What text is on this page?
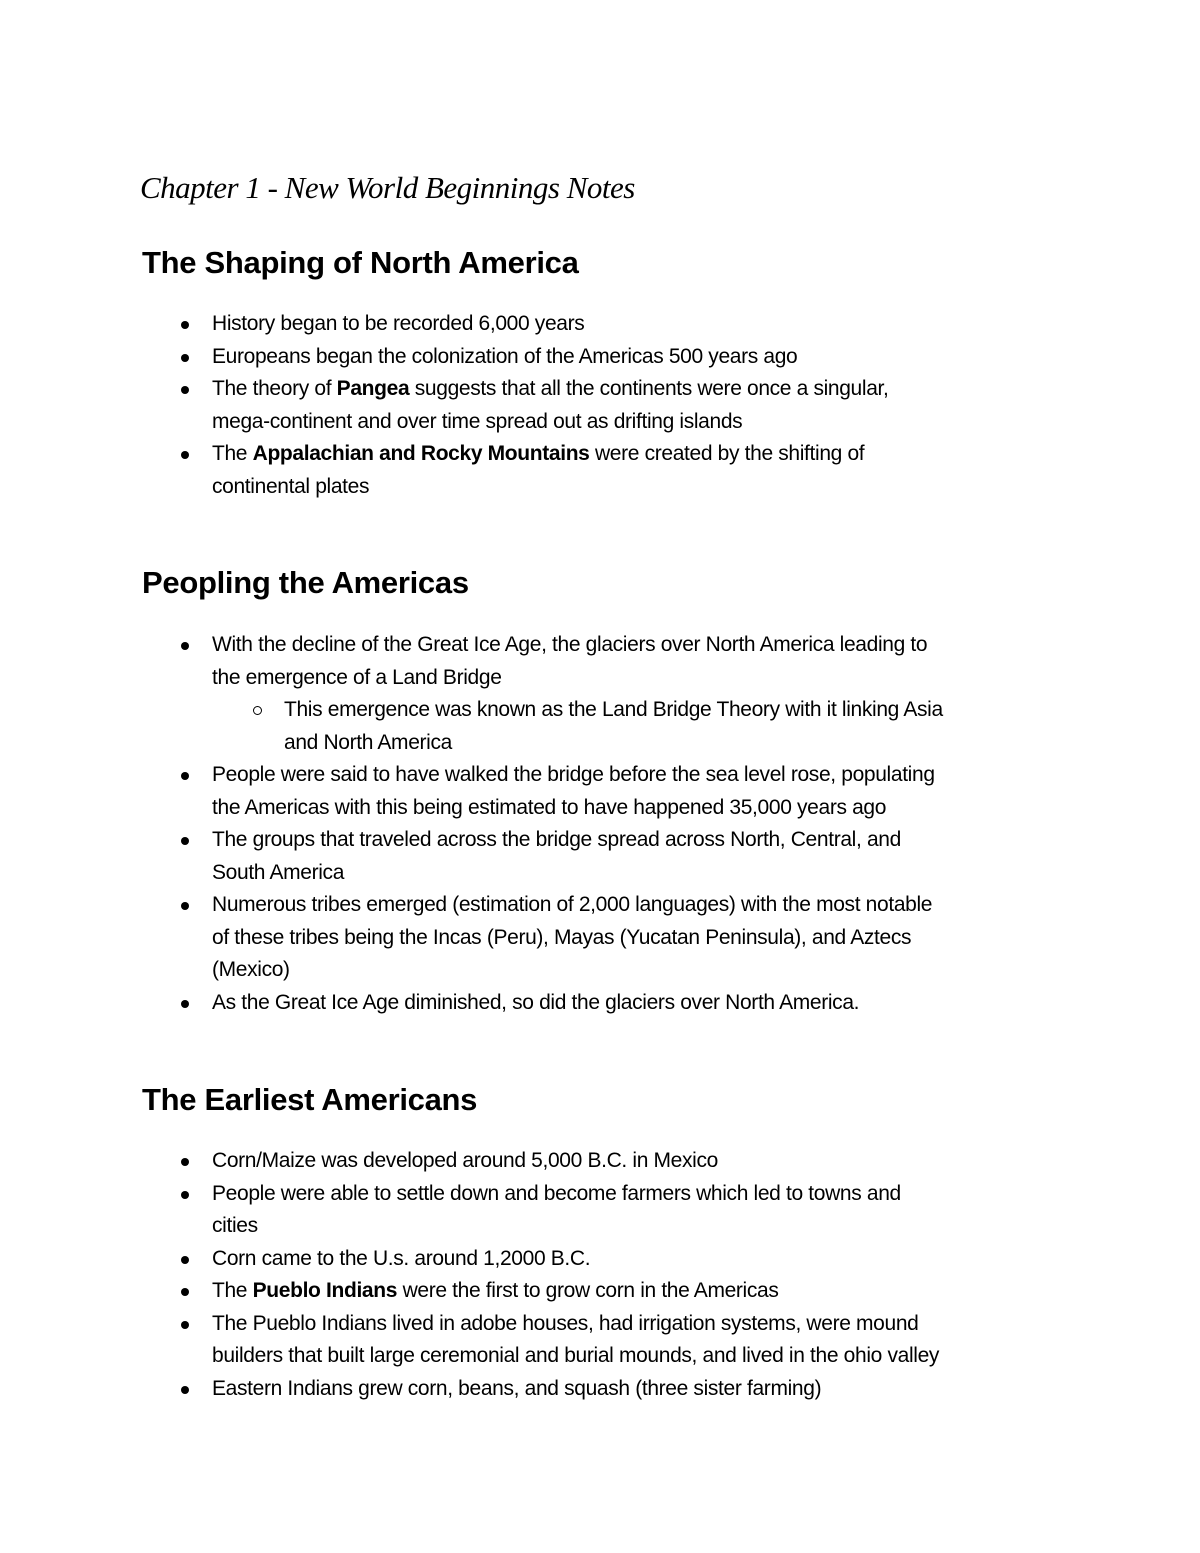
Chapter 1 - New World Beginnings Notes
The Shaping of North America
History began to be recorded 6,000 years
Europeans began the colonization of the Americas 500 years ago
The theory of Pangea suggests that all the continents were once a singular,
mega-continent and over time spread out as drifting islands
The Appalachian and Rocky Mountains were created by the shifting of
continental plates
Peopling the Americas
With the decline of the Great Ice Age, the glaciers over North America leading to
the emergence of a Land Bridge
This emergence was known as the Land Bridge Theory with it linking Asia
and North America
People were said to have walked the bridge before the sea level rose, populating
the Americas with this being estimated to have happened 35,000 years ago
The groups that traveled across the bridge spread across North, Central, and
South America
Numerous tribes emerged (estimation of 2,000 languages) with the most notable
of these tribes being the Incas (Peru), Mayas (Yucatan Peninsula), and Aztecs
(Mexico)
As the Great Ice Age diminished, so did the glaciers over North America.
The Earliest Americans
Corn/Maize was developed around 5,000 B.C. in Mexico
People were able to settle down and become farmers which led to towns and
cities
Corn came to the U.s. around 1,2000 B.C.
The Pueblo Indians were the first to grow corn in the Americas
The Pueblo Indians lived in adobe houses, had irrigation systems, were mound
builders that built large ceremonial and burial mounds, and lived in the ohio valley
Eastern Indians grew corn, beans, and squash (three sister farming)
